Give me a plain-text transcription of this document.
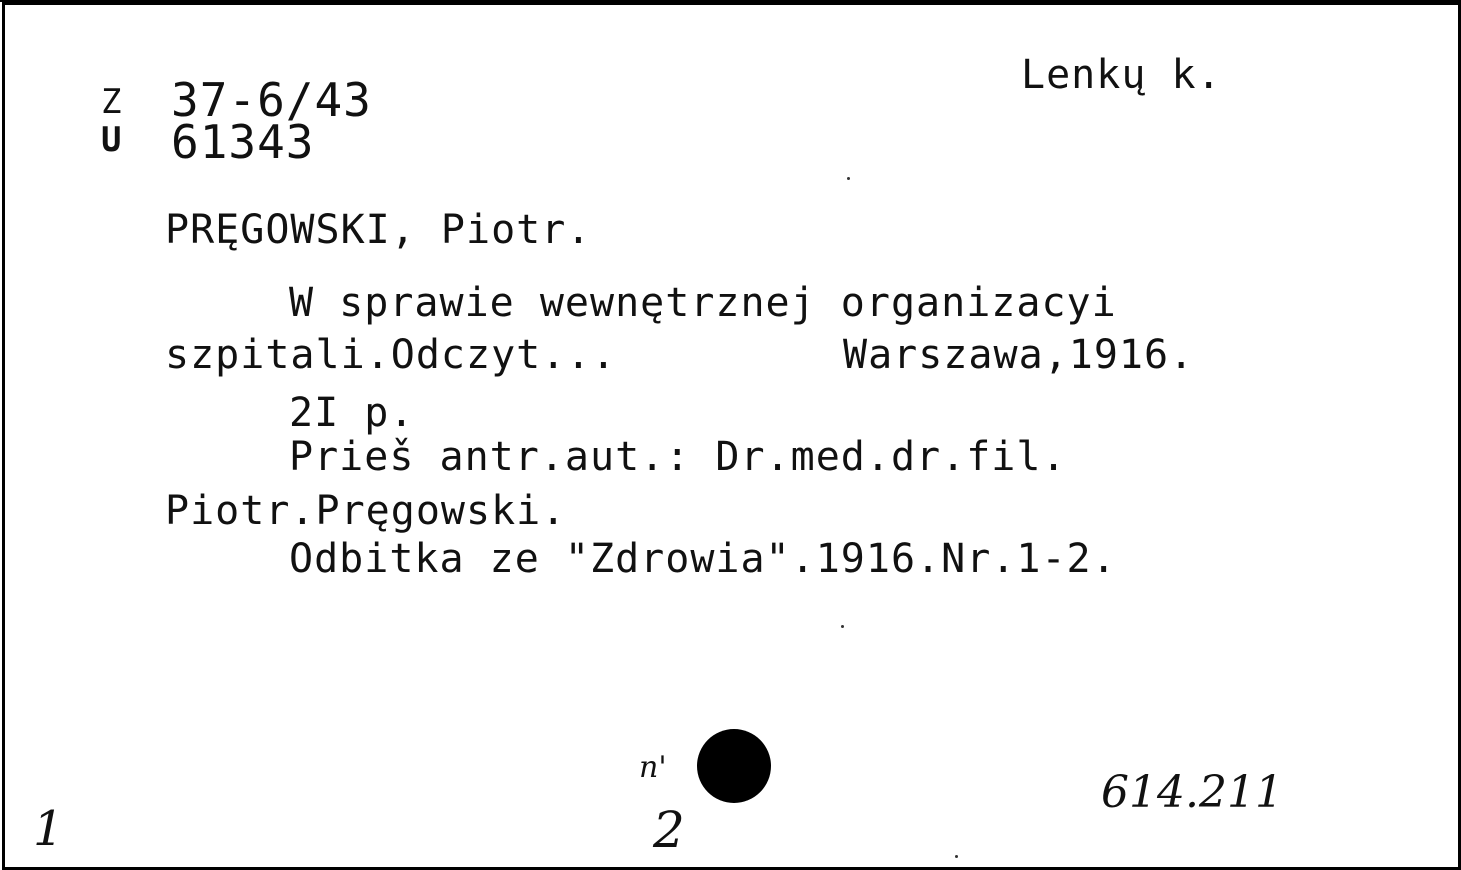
Lenkų k.
Z 37-6/43
U 61343
PRĘGOWSKI, Piotr.
W sprawie wewnętrznej organizacyi
szpitali.Odczyt...	Warszawa,1916.
2I p.
Prieš antr.aut.: Dr.med.dr.fil.
Piotr.Pręgowski.
Odbitka ze "Zdrowia".1916.Nr.1-2.
n'
2
1
614.211
